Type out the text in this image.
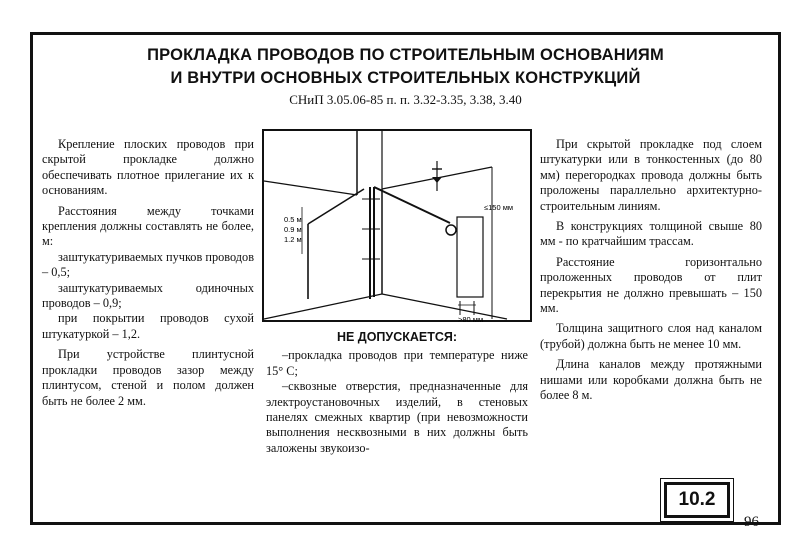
ПРОКЛАДКА ПРОВОДОВ ПО СТРОИТЕЛЬНЫМ ОСНОВАНИЯМ
И ВНУТРИ ОСНОВНЫХ СТРОИТЕЛЬНЫХ КОНСТРУКЦИЙ
СНиП 3.05.06-85 п. п. 3.32-3.35, 3.38, 3.40

Крепление плоских проводов при скрытой прокладке должно обеспечивать плотное прилегание их к основаниям.

Расстояния между точками крепления должны составлять не более, м:

заштукатуриваемых пучков проводов – 0,5;

заштукатуриваемых одиночных проводов – 0,9;

при покрытии проводов сухой штукатуркой – 1,2.

При устройстве плинтусной прокладки проводов зазор между плинтусом, стеной и полом должен быть не более 2 мм.

0.5 м
0.9 м
1.2 м
≤150 мм
>80 мм
НЕ ДОПУСКАЕТСЯ:

–прокладка проводов при температуре ниже 15° С;

–сквозные отверстия, предназначенные для электроустановочных изделий, в стеновых панелях смежных квартир (при невозможности выполнения несквозными в них должны быть заложены звукоизо-

При скрытой прокладке под слоем штукатурки или в тонкостенных (до 80 мм) перегородках провода должны быть проложены параллельно архитектурно-строительным линиям.

В конструкциях толщиной свыше 80 мм - по кратчайшим трассам.

Расстояние горизонтально проложенных проводов от плит перекрытия не должно превышать – 150 мм.

Толщина защитного слоя над каналом (трубой) должна быть не менее 10 мм.

Длина каналов между протяжными нишами или коробками должна быть не более 8 м.

10.2
96
